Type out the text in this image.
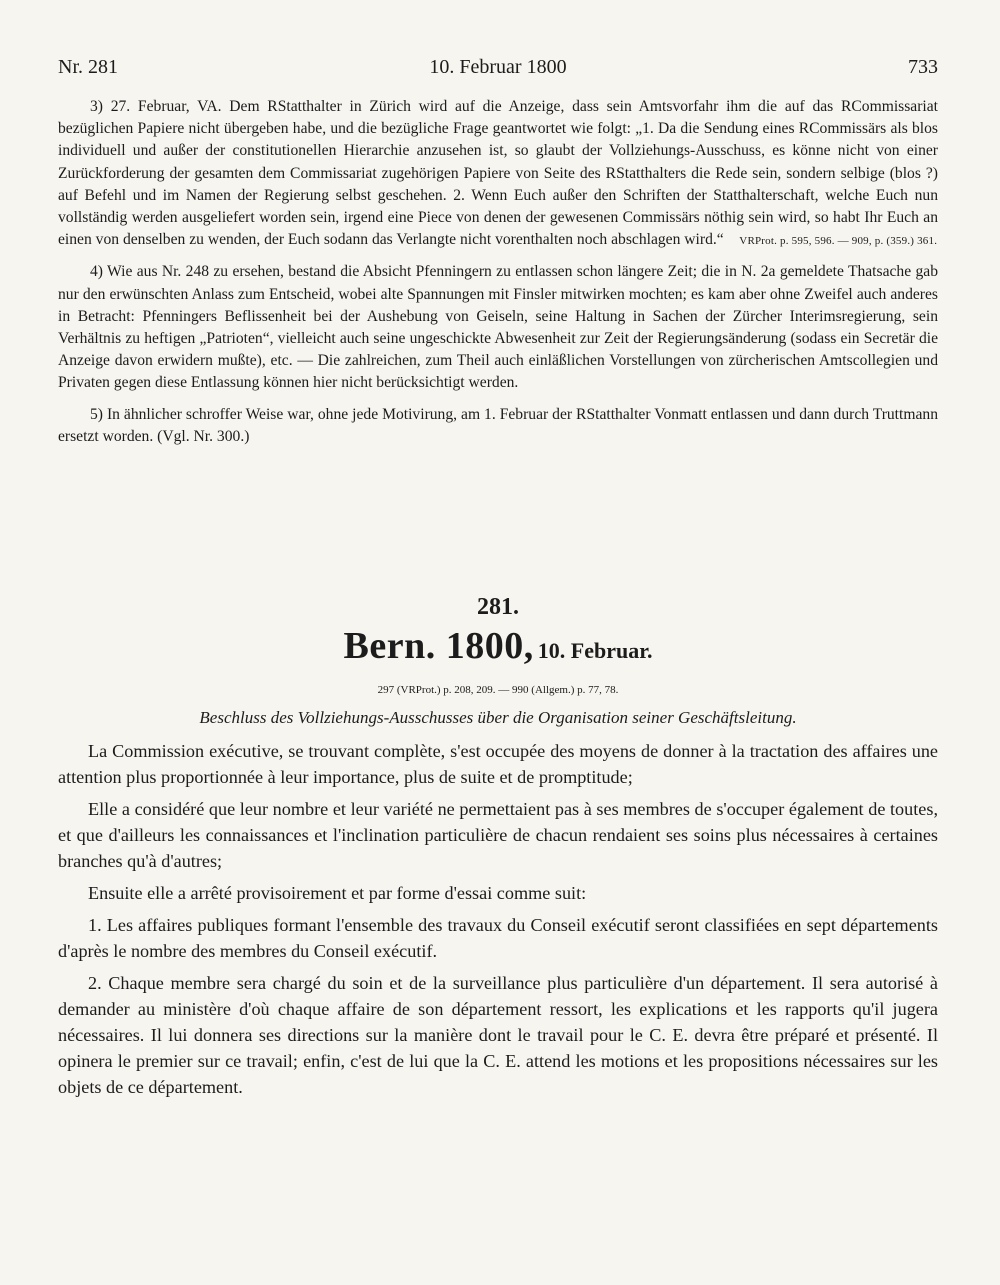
Nr. 281	10. Februar 1800	733

3) 27. Februar, VA. Dem RStatthalter in Zürich wird auf die Anzeige, dass sein Amtsvorfahr ihm die auf das RCommissariat bezüglichen Papiere nicht übergeben habe, und die bezügliche Frage geantwortet wie folgt: „1. Da die Sendung eines RCommissärs als blos individuell und außer der constitutionellen Hierarchie anzusehen ist, so glaubt der Vollziehungs-Ausschuss, es könne nicht von einer Zurückforderung der gesamten dem Commissariat zugehörigen Papiere von Seite des RStatthalters die Rede sein, sondern selbige (blos ?) auf Befehl und im Namen der Regierung selbst geschehen. 2. Wenn Euch außer den Schriften der Statthalterschaft, welche Euch nun vollständig werden ausgeliefert worden sein, irgend eine Piece von denen der gewesenen Commissärs nöthig sein wird, so habt Ihr Euch an einen von denselben zu wenden, der Euch sodann das Verlangte nicht vorenthalten noch abschlagen wird.“ VRProt. p. 595, 596. — 909, p. (359.) 361.

4) Wie aus Nr. 248 zu ersehen, bestand die Absicht Pfenningern zu entlassen schon längere Zeit; die in N. 2a gemeldete Thatsache gab nur den erwünschten Anlass zum Entscheid, wobei alte Spannungen mit Finsler mitwirken mochten; es kam aber ohne Zweifel auch anderes in Betracht: Pfenningers Beflissenheit bei der Aushebung von Geiseln, seine Haltung in Sachen der Zürcher Interimsregierung, sein Verhältnis zu heftigen „Patrioten“, vielleicht auch seine ungeschickte Abwesenheit zur Zeit der Regierungsänderung (sodass ein Secretär die Anzeige davon erwidern mußte), etc. — Die zahlreichen, zum Theil auch einläßlichen Vorstellungen von zürcherischen Amtscollegien und Privaten gegen diese Entlassung können hier nicht berücksichtigt werden.

5) In ähnlicher schroffer Weise war, ohne jede Motivirung, am 1. Februar der RStatthalter Vonmatt entlassen und dann durch Truttmann ersetzt worden. (Vgl. Nr. 300.)

281.
Bern. 1800, 10. Februar.
297 (VRProt.) p. 208, 209. — 990 (Allgem.) p. 77, 78.
Beschluss des Vollziehungs-Ausschusses über die Organisation seiner Geschäftsleitung.

La Commission exécutive, se trouvant complète, s'est occupée des moyens de donner à la tractation des affaires une attention plus proportionnée à leur importance, plus de suite et de promptitude;

Elle a considéré que leur nombre et leur variété ne permettaient pas à ses membres de s'occuper également de toutes, et que d'ailleurs les connaissances et l'inclination particulière de chacun rendaient ses soins plus nécessaires à certaines branches qu'à d'autres;

Ensuite elle a arrêté provisoirement et par forme d'essai comme suit:

1. Les affaires publiques formant l'ensemble des travaux du Conseil exécutif seront classifiées en sept départements d'après le nombre des membres du Conseil exécutif.

2. Chaque membre sera chargé du soin et de la surveillance plus particulière d'un département. Il sera autorisé à demander au ministère d'où chaque affaire de son département ressort, les explications et les rapports qu'il jugera nécessaires. Il lui donnera ses directions sur la manière dont le travail pour le C. E. devra être préparé et présenté. Il opinera le premier sur ce travail; enfin, c'est de lui que la C. E. attend les motions et les propositions nécessaires sur les objets de ce département.
